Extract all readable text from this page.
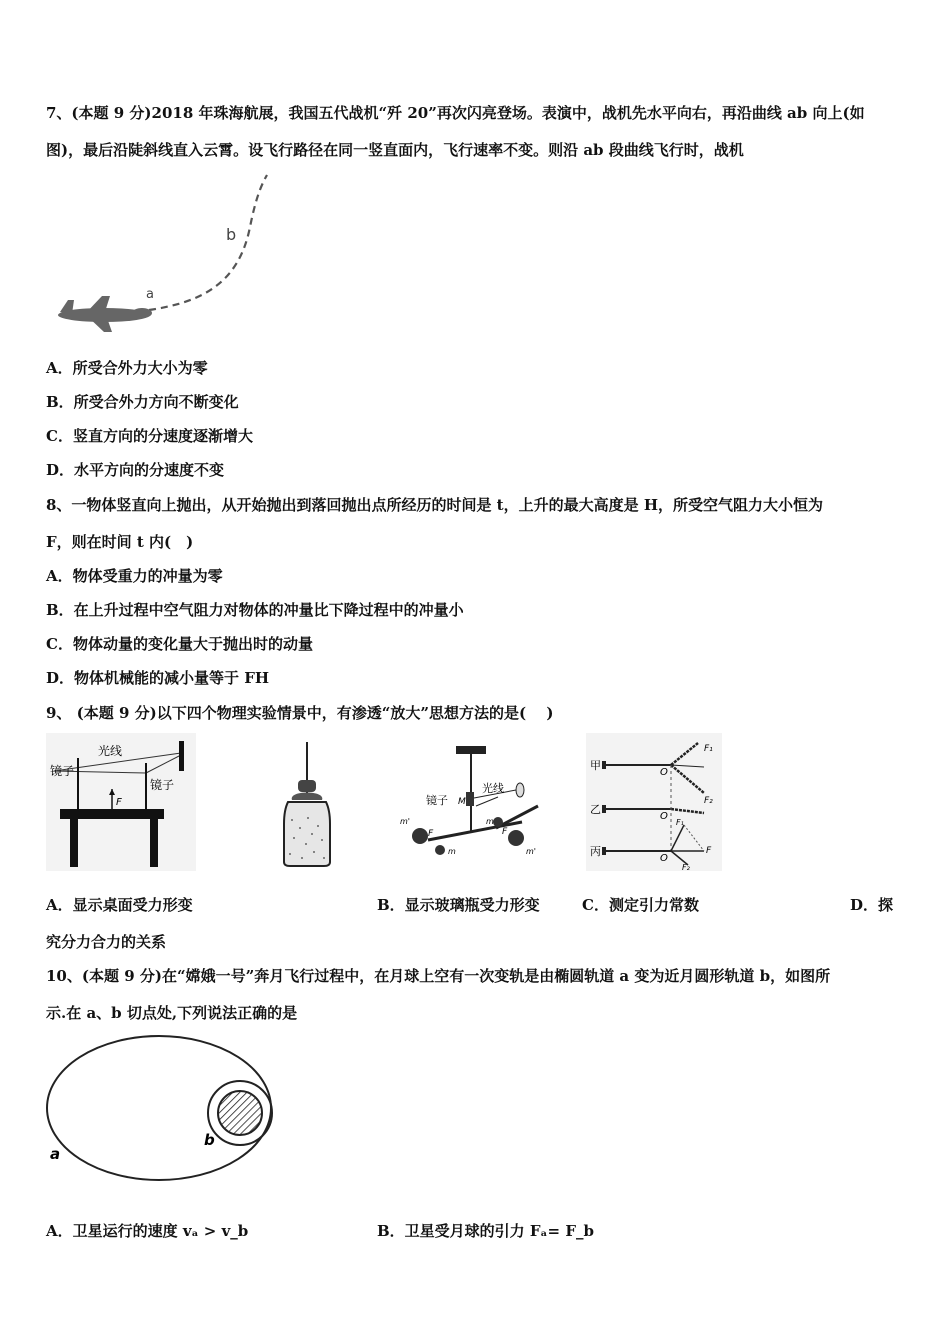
7、(本题 9 分)2018 年珠海航展，我国五代战机“歼 20”再次闪亮登场。表演中，战机先水平向右，再沿曲线 ab 向上(如
图)，最后沿陡斜线直入云霄。设飞行路径在同一竖直面内，飞行速率不变。则沿 ab 段曲线飞行时，战机
a
b
A．所受合外力大小为零
B．所受合外力方向不断变化
C．竖直方向的分速度逐渐增大
D．水平方向的分速度不变
8、一物体竖直向上抛出，从开始抛出到落回抛出点所经历的时间是 t，上升的最大高度是 H，所受空气阻力大小恒为
F，则在时间 t 内(　)
A．物体受重力的冲量为零
B．在上升过程中空气阻力对物体的冲量比下降过程中的冲量小
C．物体动量的变化量大于抛出时的动量
D．物体机械能的减小量等于 FH
9、 (本题 9 分)以下四个物理实验情景中，有渗透“放大”思想方法的是(　 )
镜子
光线
镜子
F	镜子 M
光线
m'
F
m
m
F
m'
甲
乙
丙
O
O
O
F₁
F₂
F₁
F
F₂
A．显示桌面受力形变	B．显示玻璃瓶受力形变	C．测定引力常数	D．探
究分力合力的关系
10、(本题 9 分)在“嫦娥一号”奔月飞行过程中，在月球上空有一次变轨是由椭圆轨道 a 变为近月圆形轨道 b，如图所
示.在 a、b 切点处,下列说法正确的是
a
b
A．卫星运行的速度 vₐ > v_b	B．卫星受月球的引力 Fₐ= F_b
